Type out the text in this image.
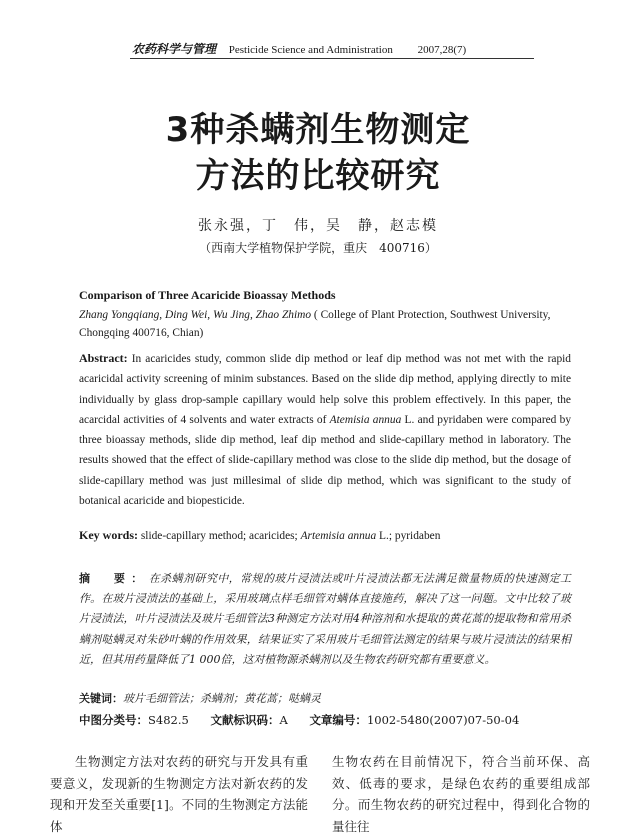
农药科学与管理 Pesticide Science and Administration 2007,28(7)
3种杀螨剂生物测定
方法的比较研究
张永强，丁　伟，吴　静，赵志模
（西南大学植物保护学院，重庆　400716）
Comparison of Three Acaricide Bioassay Methods
Zhang Yongqiang, Ding Wei, Wu Jing, Zhao Zhimo ( College of Plant Protection, Southwest University, Chongqing 400716, Chian)
Abstract: In acaricides study, common slide dip method or leaf dip method was not met with the rapid acaricidal activity screening of minim substances. Based on the slide dip method, applying directly to mite individually by glass drop-sample capillary would help solve this problem effectively. In this paper, the acarcidal activities of 4 solvents and water extracts of Atemisia annua L. and pyridaben were compared by three bioassay methods, slide dip method, leaf dip method and slide-capillary method in laboratory. The results showed that the effect of slide-capillary method was close to the slide dip method, but the dosage of slide-capillary method was just millesimal of slide dip method, which was significant to the study of botanical acaricide and biopesticide.
Key words: slide-capillary method; acaricides; Artemisia annua L.; pyridaben
摘　要：在杀螨剂研究中，常规的玻片浸渍法或叶片浸渍法都无法满足微量物质的快速测定工作。在玻片浸渍法的基础上，采用玻璃点样毛细管对螨体直接施药，解决了这一问题。文中比较了玻片浸渍法，叶片浸渍法及玻片毛细管法3种测定方法对用4种溶剂和水提取的黄花蒿的提取物和常用杀螨剂哒螨灵对朱砂叶螨的作用效果，结果证实了采用玻片毛细管法测定的结果与玻片浸渍法的结果相近，但其用药量降低了1 000倍，这对植物源杀螨剂以及生物农药研究都有重要意义。
关键词：玻片毛细管法；杀螨剂；黄花蒿；哒螨灵
中图分类号：S482.5 文献标识码：A 文章编号：1002-5480(2007)07-50-04
生物测定方法对农药的研究与开发具有重要意义，发现新的生物测定方法对新农药的发现和开发至关重要[1]。不同的生物测定方法能体
生物农药在目前情况下，符合当前环保、高效、低毒的要求，是绿色农药的重要组成部分。而生物农药的研究过程中，得到化合物的量往往
